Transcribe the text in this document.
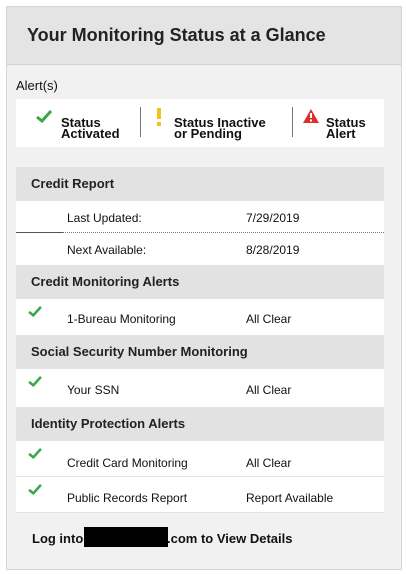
Your Monitoring Status at a Glance
Alert(s)
Status
Activated
Status Inactive
or Pending
Status
Alert
Credit Report
Last Updated:	7/29/2019
Next Available:	8/28/2019
Credit Monitoring Alerts
1-Bureau Monitoring	All Clear
Social Security Number Monitoring
Your SSN	All Clear
Identity Protection Alerts
Credit Card Monitoring	All Clear
Public Records Report	Report Available
Log into	.com to View Details
